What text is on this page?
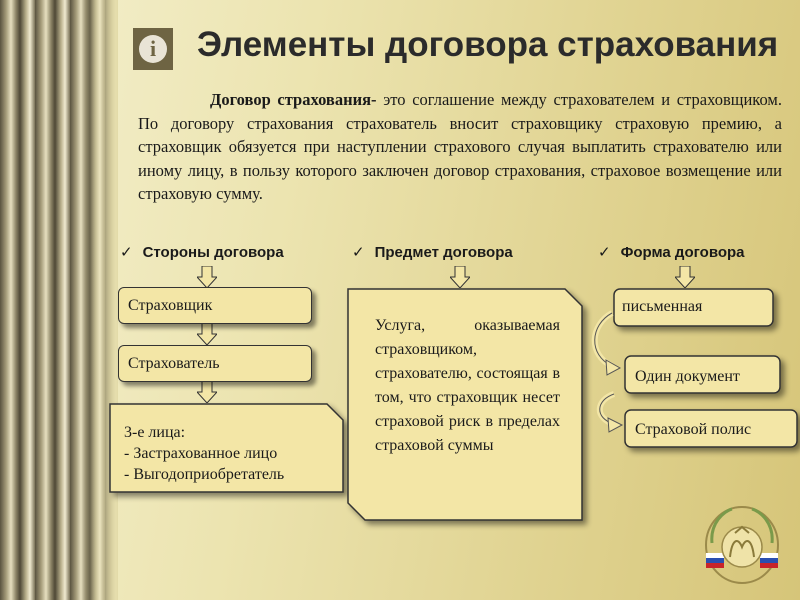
i	Элементы договора страхования
Договор страхования- это соглашение между страхователем и страховщиком. По договору страхования страхователь вносит страховщику страховую премию, а страховщик обязуется при наступлении страхового случая выплатить страхователю или иному лицу, в пользу которого заключен договор страхования, страховое возмещение или страховую сумму.
✓ Стороны договора	✓ Предмет договора	✓ Форма договора
Страховщик
Страхователь
3-е лица:
- Застрахованное лицо
- Выгодоприобретатель
Услуга, оказываемая страховщиком, страхователю, состоящая в том, что страховщик несет страховой риск в пределах страховой суммы
письменная
Один документ
Страховой полис
